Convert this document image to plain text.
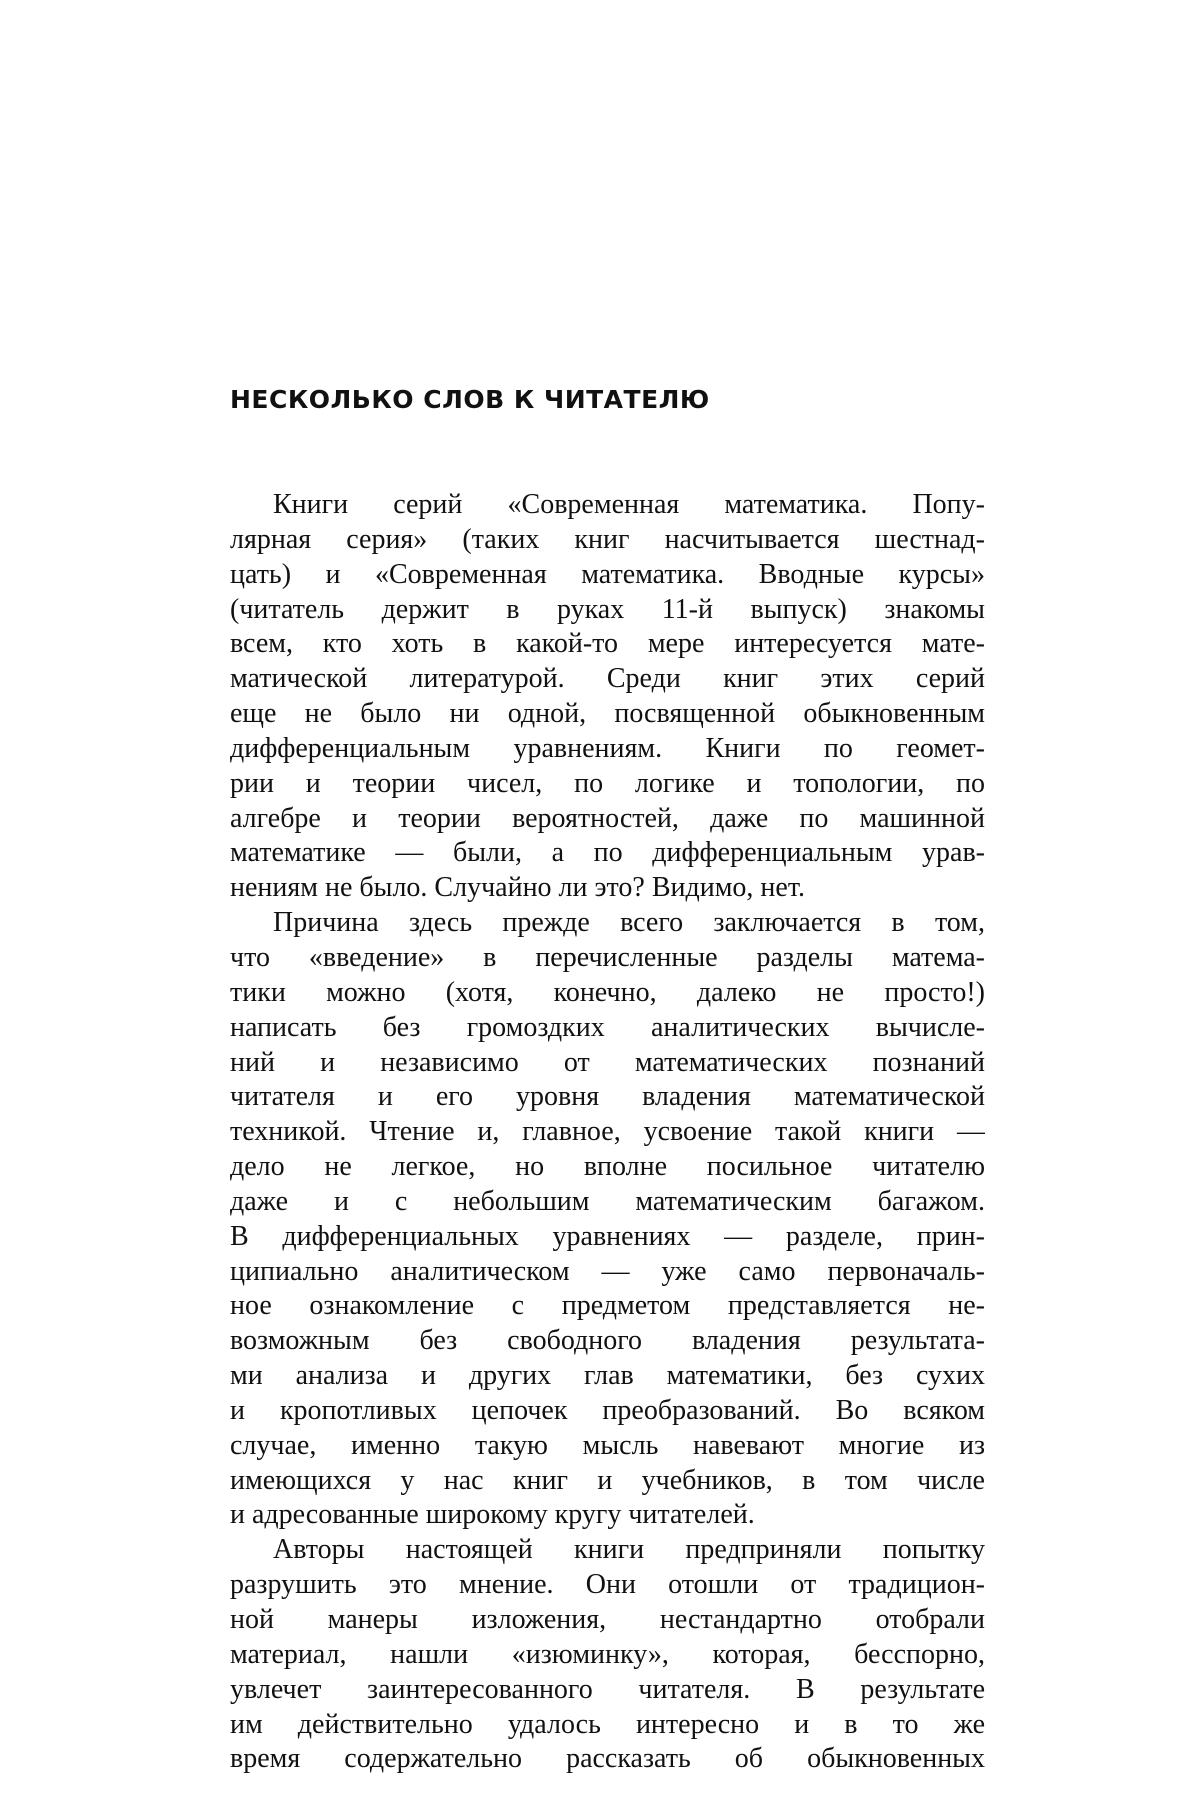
НЕСКОЛЬКО СЛОВ К ЧИТАТЕЛЮ
Книги серий «Современная математика. Попу-
лярная серия» (таких книг насчитывается шестнад-
цать) и «Современная математика. Вводные курсы»
(читатель держит в руках 11-й выпуск) знакомы
всем, кто хоть в какой-то мере интересуется мате-
матической литературой. Среди книг этих серий
еще не было ни одной, посвященной обыкновенным
дифференциальным уравнениям. Книги по геомет-
рии и теории чисел, по логике и топологии, по
алгебре и теории вероятностей, даже по машинной
математике — были, а по дифференциальным урав-
нениям не было. Случайно ли это? Видимо, нет.
Причина здесь прежде всего заключается в том,
что «введение» в перечисленные разделы матема-
тики можно (хотя, конечно, далеко не просто!)
написать без громоздких аналитических вычисле-
ний и независимо от математических познаний
читателя и его уровня владения математической
техникой. Чтение и, главное, усвоение такой книги —
дело не легкое, но вполне посильное читателю
даже и с небольшим математическим багажом.
В дифференциальных уравнениях — разделе, прин-
ципиально аналитическом — уже само первоначаль-
ное ознакомление с предметом представляется не-
возможным без свободного владения результата-
ми анализа и других глав математики, без сухих
и кропотливых цепочек преобразований. Во всяком
случае, именно такую мысль навевают многие из
имеющихся у нас книг и учебников, в том числе
и адресованные широкому кругу читателей.
Авторы настоящей книги предприняли попытку
разрушить это мнение. Они отошли от традицион-
ной манеры изложения, нестандартно отобрали
материал, нашли «изюминку», которая, бесспорно,
увлечет заинтересованного читателя. В результате
им действительно удалось интересно и в то же
время содержательно рассказать об обыкновенных
